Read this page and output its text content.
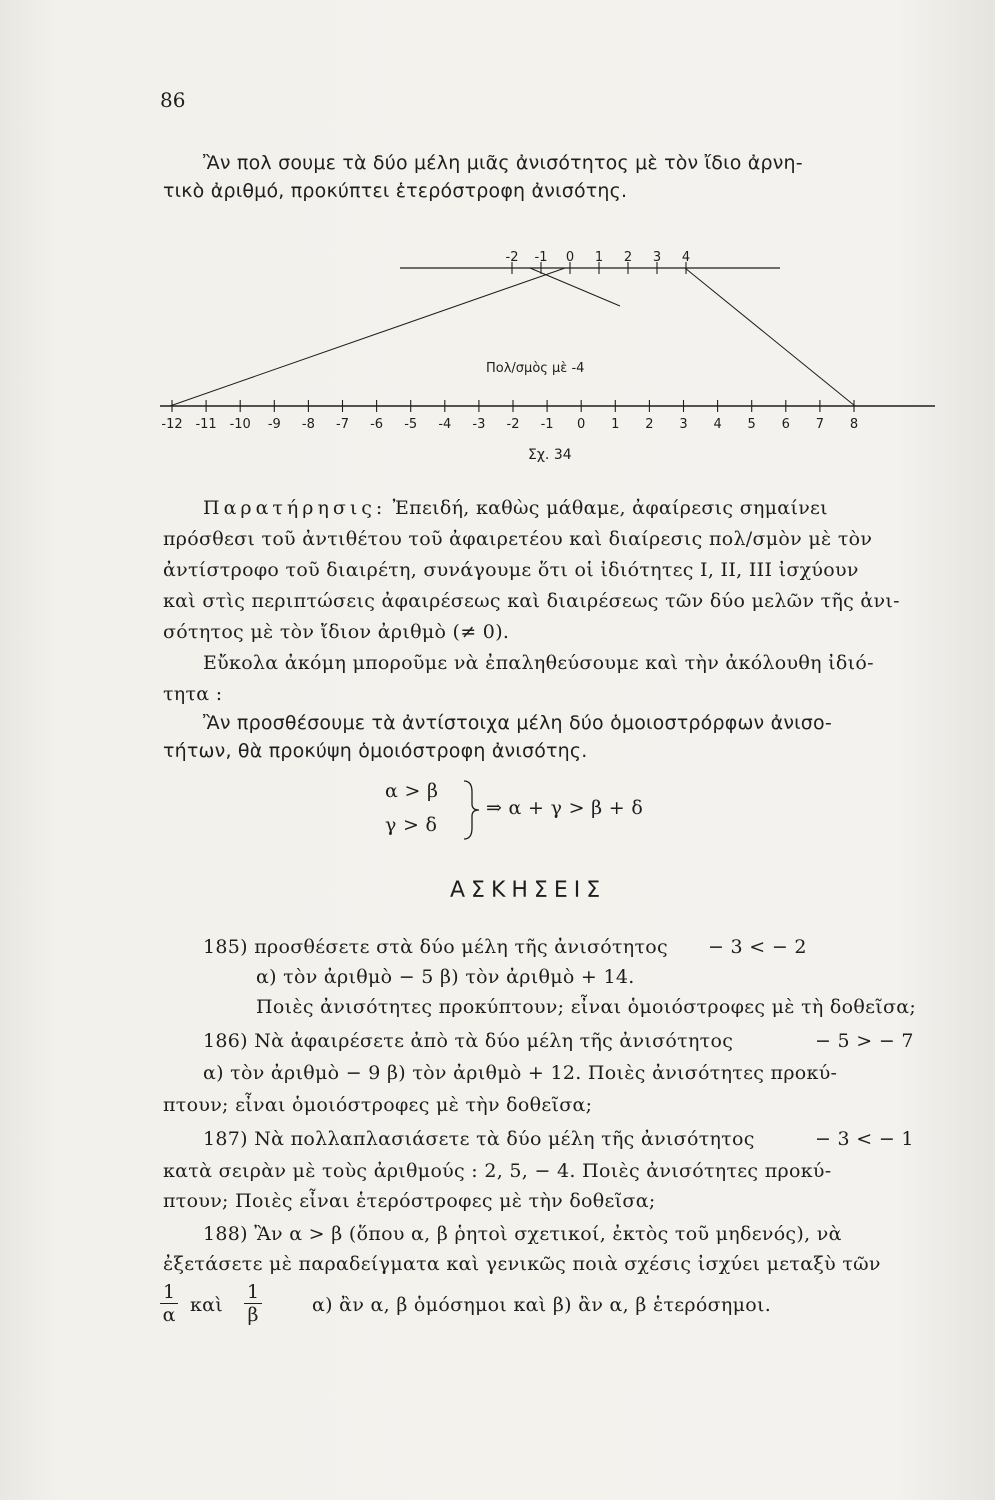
86
Ἂν πολ σουμε τὰ δύο μέλη μιᾶς ἀνισότητος μὲ τὸν ἴδιο ἀρνη-
τικὸ ἀριθμό, προκύπτει ἑτερόστροφη ἀνισότης.
-2 -1 0 1 2 3 4
-12 -11 -10 -9 -8 -7 -6 -5 -4 -3 -2 -1 0 1 2 3 4 5 6 7 8
Πολ/σμὸς μὲ -4
Σχ. 34
Παρατήρησις: Ἐπειδή, καθὼς μάθαμε, ἀφαίρεσις σημαίνει
πρόσθεσι τοῦ ἀντιθέτου τοῦ ἀφαιρετέου καὶ διαίρεσις πολ/σμὸν μὲ τὸν
ἀντίστροφο τοῦ διαιρέτη, συνάγουμε ὅτι οἱ ἰδιότητες I, II, III ἰσχύουν
καὶ στὶς περιπτώσεις ἀφαιρέσεως καὶ διαιρέσεως τῶν δύο μελῶν τῆς ἀνι-
σότητος μὲ τὸν ἴδιον ἀριθμὸ (≠ 0).
Εὔκολα ἀκόμη μποροῦμε νὰ ἐπαληθεύσουμε καὶ τὴν ἀκόλουθη ἰδιό-
τητα :
Ἂν προσθέσουμε τὰ ἀντίστοιχα μέλη δύο ὁμοιοστρόρφων ἀνισο-
τήτων, θὰ προκύψη ὁμοιόστροφη ἀνισότης.
α > β
γ > δ
⇒ α + γ > β + δ
ΑΣΚΗΣΕΙΣ
185) προσθέσετε στὰ δύο μέλη τῆς ἀνισότητος − 3 < − 2
α) τὸν ἀριθμὸ − 5 β) τὸν ἀριθμὸ + 14.
Ποιὲς ἀνισότητες προκύπτουν; εἶναι ὁμοιόστροφες μὲ τὴ δοθεῖσα;
186) Νὰ ἀφαιρέσετε ἀπὸ τὰ δύο μέλη τῆς ἀνισότητος	− 5 > − 7
α) τὸν ἀριθμὸ − 9 β) τὸν ἀριθμὸ + 12. Ποιὲς ἀνισότητες προκύ-
πτουν; εἶναι ὁμοιόστροφες μὲ τὴν δοθεῖσα;
187) Νὰ πολλαπλασιάσετε τὰ δύο μέλη τῆς ἀνισότητος	− 3 < − 1
κατὰ σειρὰν μὲ τοὺς ἀριθμούς : 2, 5, − 4. Ποιὲς ἀνισότητες προκύ-
πτουν; Ποιὲς εἶναι ἑτερόστροφες μὲ τὴν δοθεῖσα;
188) Ἂν α > β (ὅπου α, β ῥητοὶ σχετικοί, ἐκτὸς τοῦ μηδενός), νὰ
ἐξετάσετε μὲ παραδείγματα καὶ γενικῶς ποιὰ σχέσις ἰσχύει μεταξὺ τῶν
$\frac{1}{\alpha}$ καὶ $\frac{1}{\beta}$	α) ἂν α, β ὁμόσημοι καὶ β) ἂν α, β ἑτερόσημοι.
